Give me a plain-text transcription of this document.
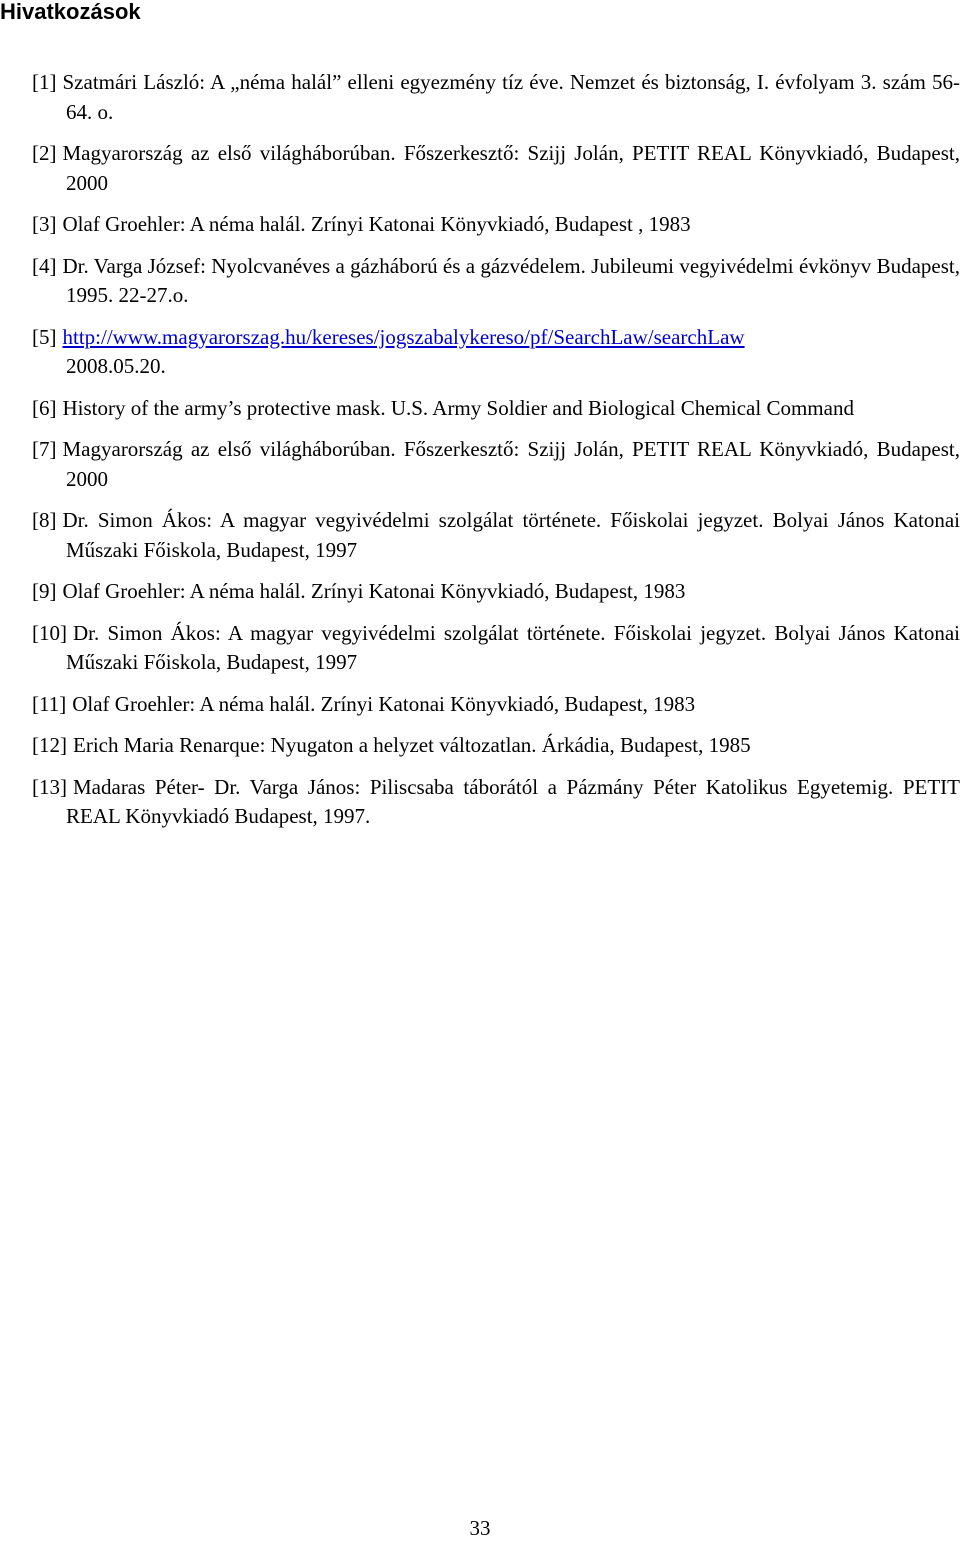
Hivatkozások
[1] Szatmári László: A „néma halál” elleni egyezmény tíz éve. Nemzet és biztonság, I. évfolyam 3. szám 56-64. o.
[2] Magyarország az első világháborúban. Főszerkesztő: Szijj Jolán, PETIT REAL Könyvkiadó, Budapest, 2000
[3] Olaf Groehler: A néma halál. Zrínyi Katonai Könyvkiadó, Budapest , 1983
[4] Dr. Varga József: Nyolcvanéves a gázháború és a gázvédelem. Jubileumi vegyivédelmi évkönyv Budapest, 1995. 22-27.o.
[5] http://www.magyarorszag.hu/kereses/jogszabalykereso/pf/SearchLaw/searchLaw
2008.05.20.
[6] History of the army’s protective mask. U.S. Army Soldier and Biological Chemical Command
[7] Magyarország az első világháborúban. Főszerkesztő: Szijj Jolán, PETIT REAL Könyvkiadó, Budapest, 2000
[8] Dr. Simon Ákos: A magyar vegyivédelmi szolgálat története. Főiskolai jegyzet. Bolyai János Katonai Műszaki Főiskola, Budapest, 1997
[9] Olaf Groehler: A néma halál. Zrínyi Katonai Könyvkiadó, Budapest, 1983
[10] Dr. Simon Ákos: A magyar vegyivédelmi szolgálat története. Főiskolai jegyzet. Bolyai János Katonai Műszaki Főiskola, Budapest, 1997
[11] Olaf Groehler: A néma halál. Zrínyi Katonai Könyvkiadó, Budapest, 1983
[12] Erich Maria Renarque: Nyugaton a helyzet változatlan. Árkádia, Budapest, 1985
[13] Madaras Péter- Dr. Varga János: Piliscsaba táborától a Pázmány Péter Katolikus Egyetemig. PETIT REAL Könyvkiadó Budapest, 1997.
33
